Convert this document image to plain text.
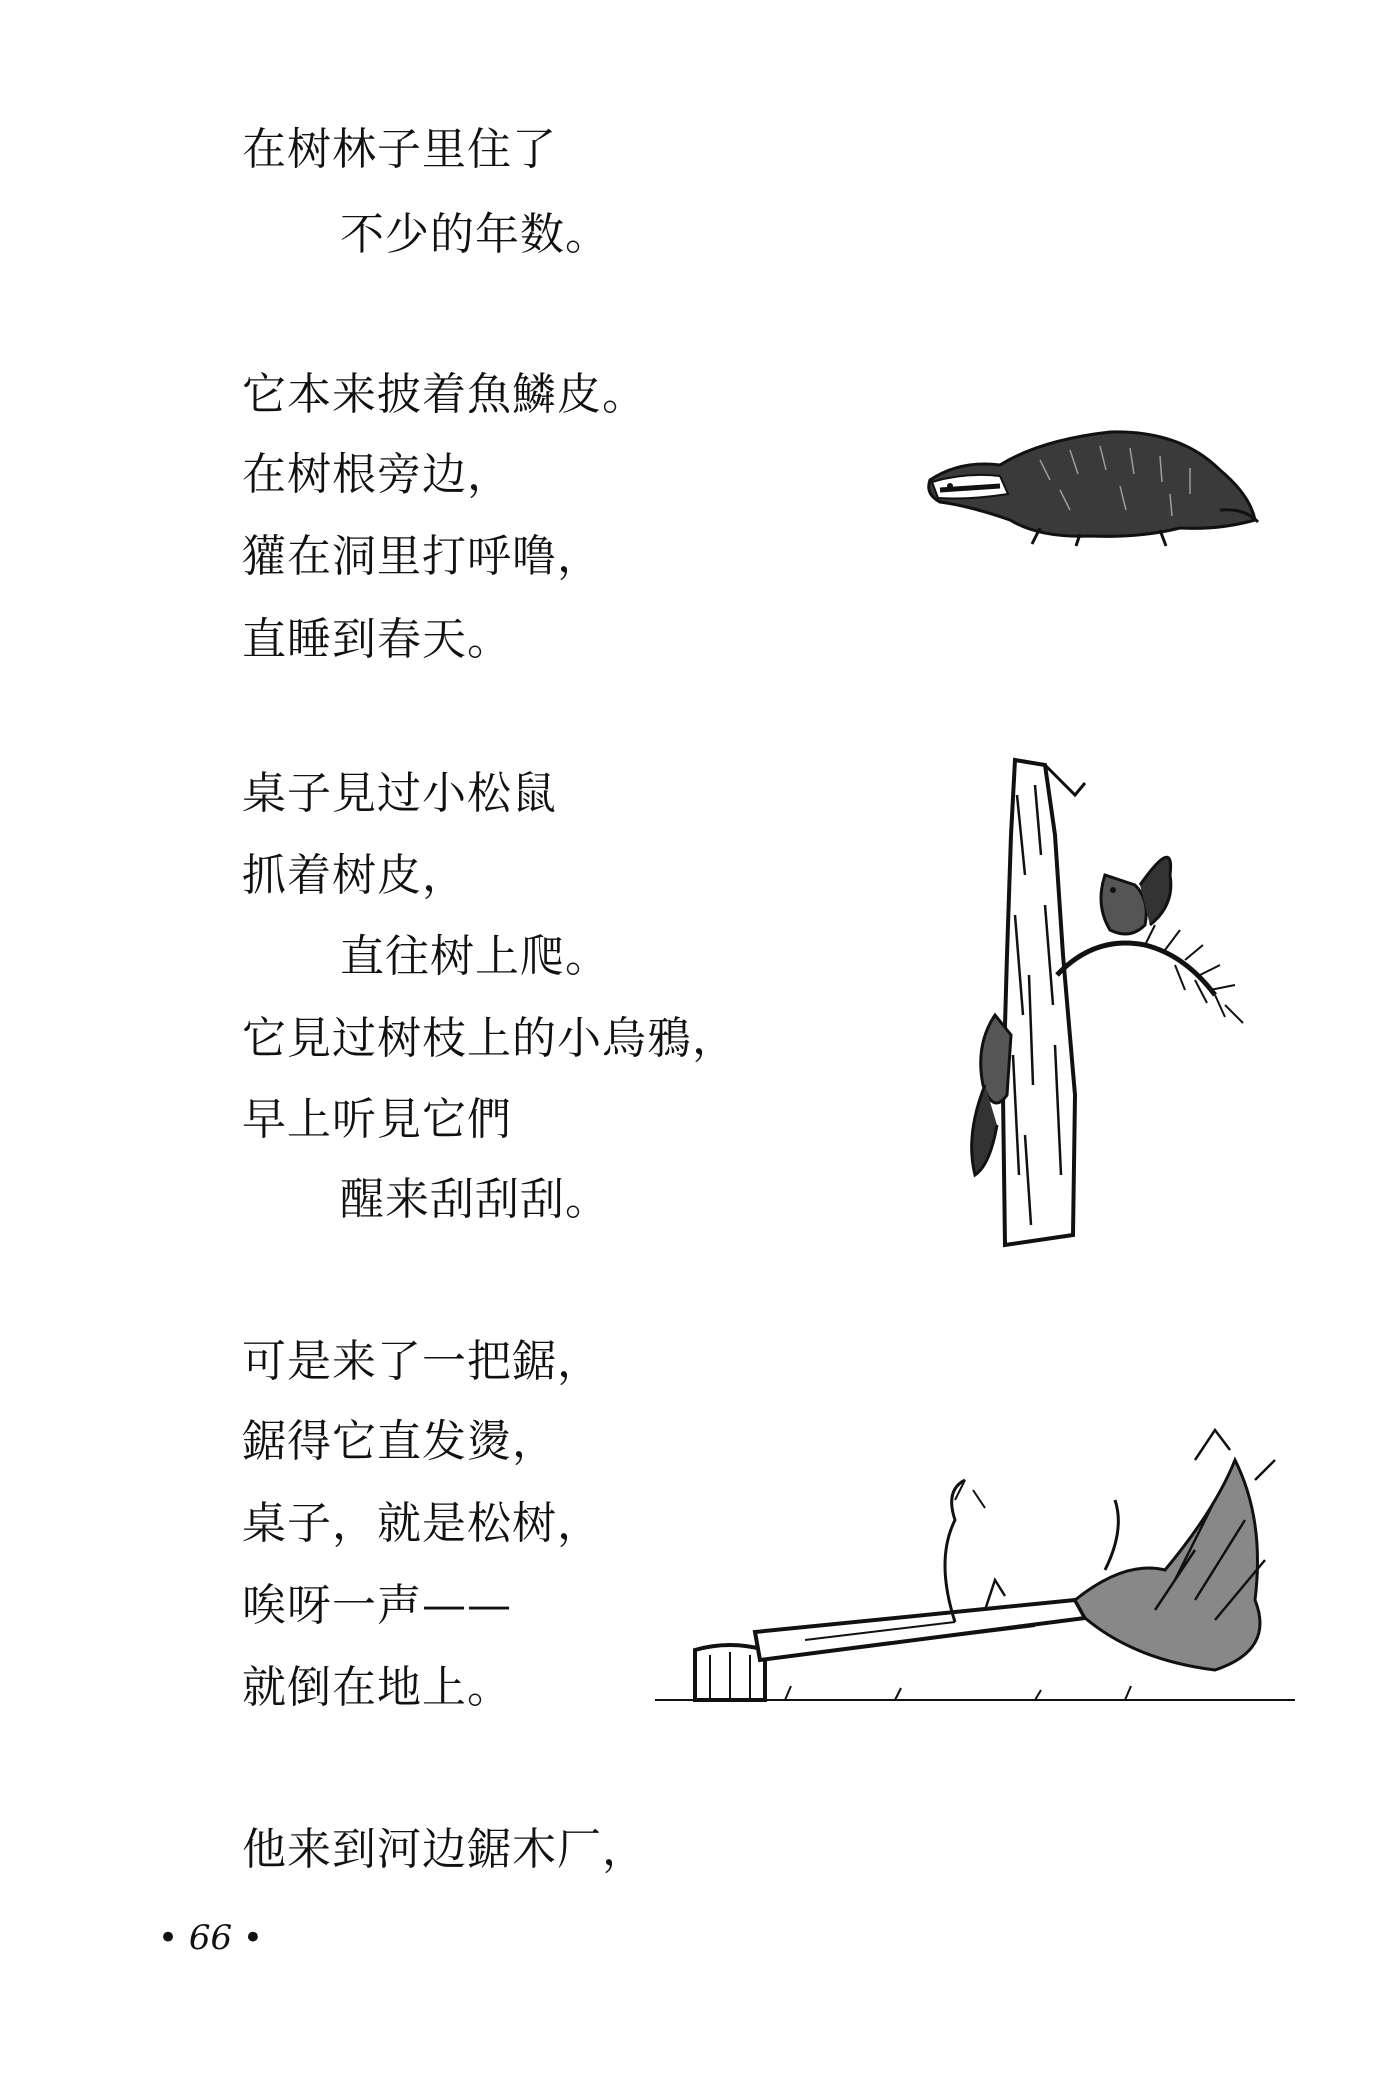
在树林子里住了
不少的年数。
它本来披着魚鱗皮。
在树根旁边，
獾在洞里打呼噜，
直睡到春天。
桌子見过小松鼠
抓着树皮，
直往树上爬。
它見过树枝上的小烏鴉，
早上听見它們
醒来刮刮刮。
可是来了一把鋸，
鋸得它直发燙，
桌子，就是松树，
唉呀一声——
就倒在地上。
他来到河边鋸木厂，
• 66 •
